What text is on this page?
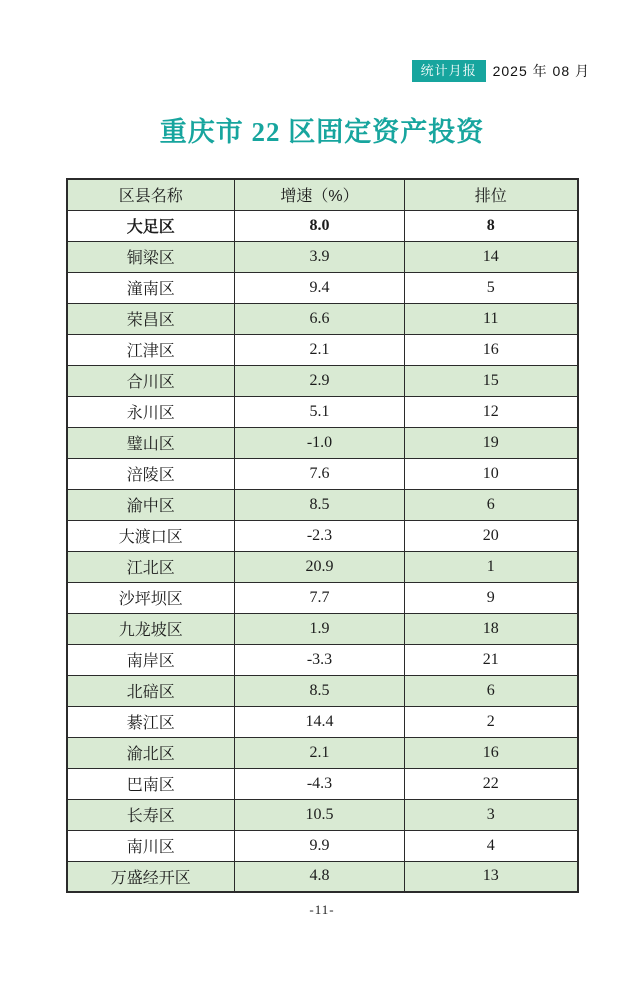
统计月报	2025 年 08 月
重庆市 22 区固定资产投资
区县名称	增速（%）	排位
大足区	8.0	8
铜梁区	3.9	14
潼南区	9.4	5
荣昌区	6.6	11
江津区	2.1	16
合川区	2.9	15
永川区	5.1	12
璧山区	-1.0	19
涪陵区	7.6	10
渝中区	8.5	6
大渡口区	-2.3	20
江北区	20.9	1
沙坪坝区	7.7	9
九龙坡区	1.9	18
南岸区	-3.3	21
北碚区	8.5	6
綦江区	14.4	2
渝北区	2.1	16
巴南区	-4.3	22
长寿区	10.5	3
南川区	9.9	4
万盛经开区	4.8	13
-11-
